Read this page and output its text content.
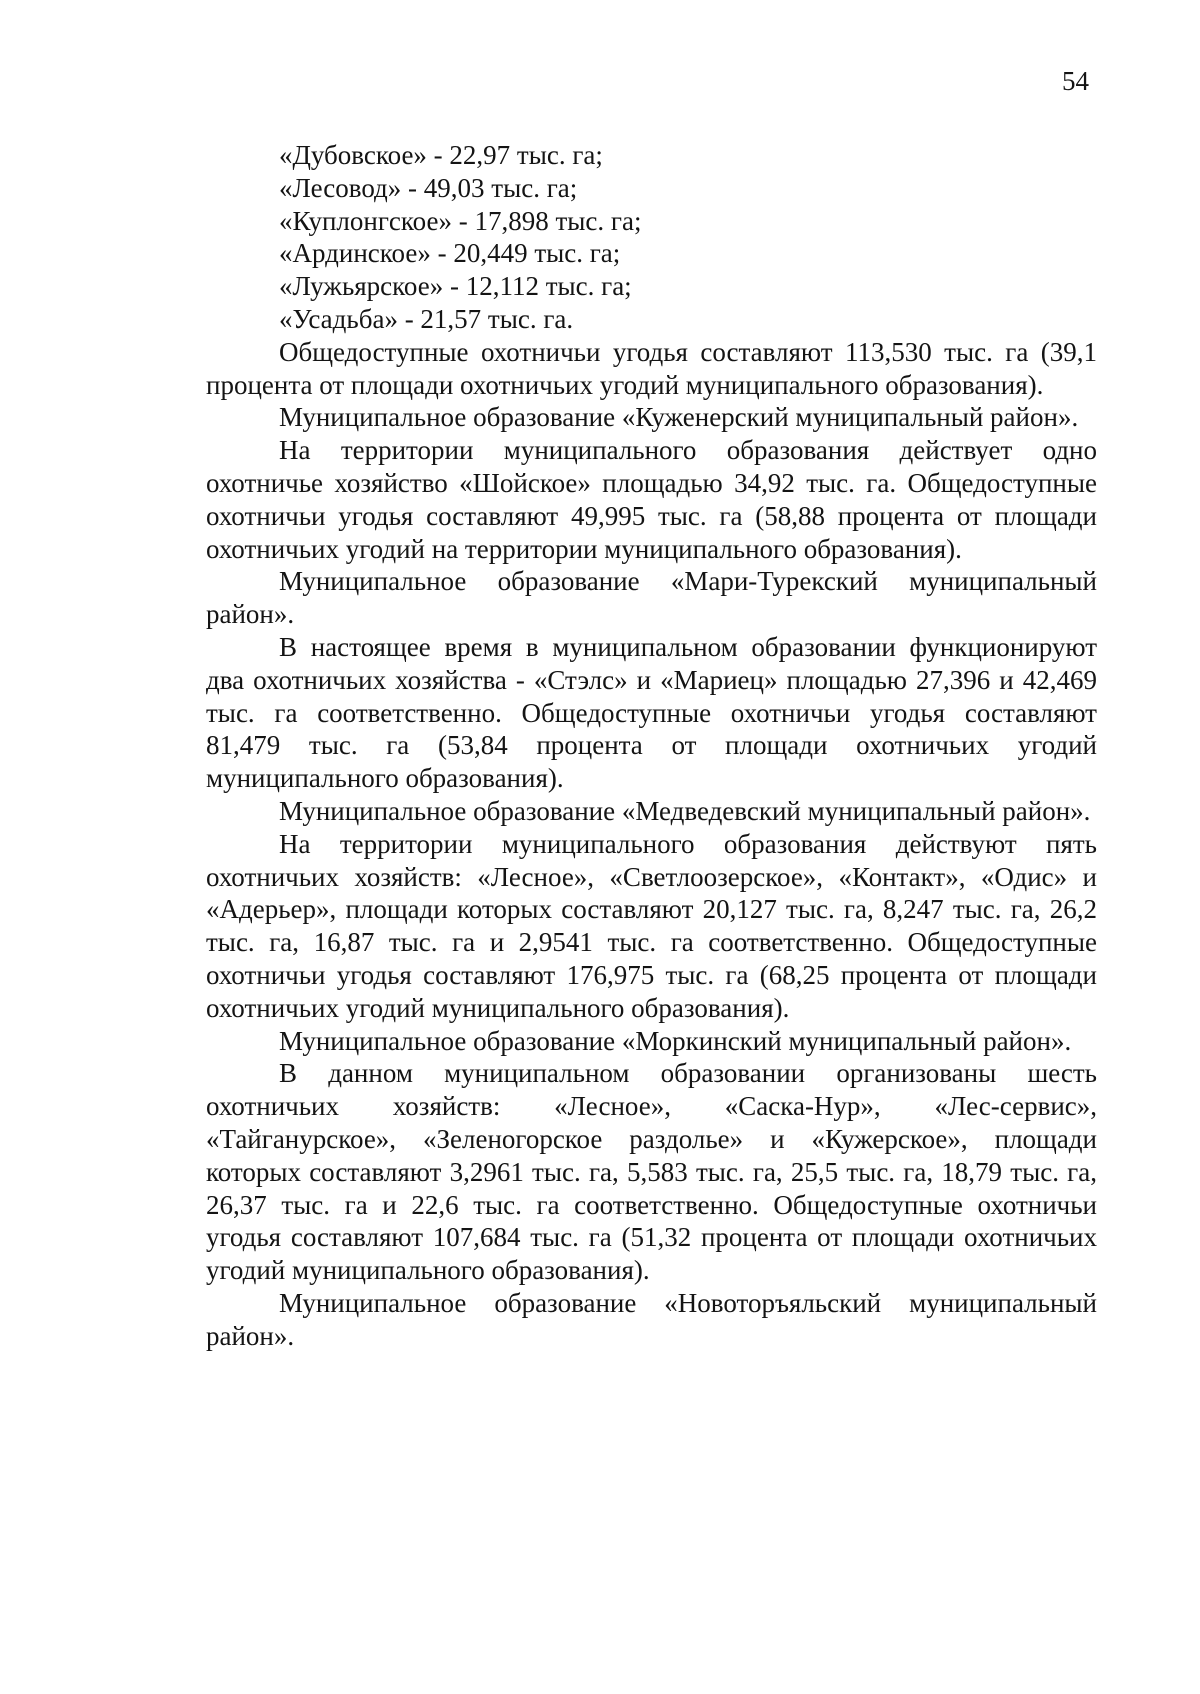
54
«Дубовское» - 22,97 тыс. га;
«Лесовод» - 49,03 тыс. га;
«Куплонгское» - 17,898 тыс. га;
«Ардинское» - 20,449 тыс. га;
«Лужьярское» - 12,112 тыс. га;
«Усадьба» - 21,57 тыс. га.

Общедоступные охотничьи угодья составляют 113,530 тыс. га (39,1 процента от площади охотничьих угодий муниципального образования).

Муниципальное образование «Куженерский муниципальный район».

На территории муниципального образования действует одно охотничье хозяйство «Шойское» площадью 34,92 тыс. га. Общедоступные охотничьи угодья составляют 49,995 тыс. га (58,88 процента от площади охотничьих угодий на территории муниципального образования).

Муниципальное образование «Мари-Турекский муниципальный район».

В настоящее время в муниципальном образовании функционируют два охотничьих хозяйства - «Стэлс» и «Мариец» площадью 27,396 и 42,469 тыс. га соответственно. Общедоступные охотничьи угодья составляют 81,479 тыс. га (53,84 процента от площади охотничьих угодий муниципального образования).

Муниципальное образование «Медведевский муниципальный район».

На территории муниципального образования действуют пять охотничьих хозяйств: «Лесное», «Светлоозерское», «Контакт», «Одис» и «Адерьер», площади которых составляют 20,127 тыс. га, 8,247 тыс. га, 26,2 тыс. га, 16,87 тыс. га и 2,9541 тыс. га соответственно. Общедоступные охотничьи угодья составляют 176,975 тыс. га (68,25 процента от площади охотничьих угодий муниципального образования).

Муниципальное образование «Моркинский муниципальный район».

В данном муниципальном образовании организованы шесть охотничьих хозяйств: «Лесное», «Саска-Нур», «Лес-сервис», «Тайганурское», «Зеленогорское раздолье» и «Кужерское», площади которых составляют 3,2961 тыс. га, 5,583 тыс. га, 25,5 тыс. га, 18,79 тыс. га, 26,37 тыс. га и 22,6 тыс. га соответственно. Общедоступные охотничьи угодья составляют 107,684 тыс. га (51,32 процента от площади охотничьих угодий муниципального образования).

Муниципальное образование «Новоторъяльский муниципальный район».
